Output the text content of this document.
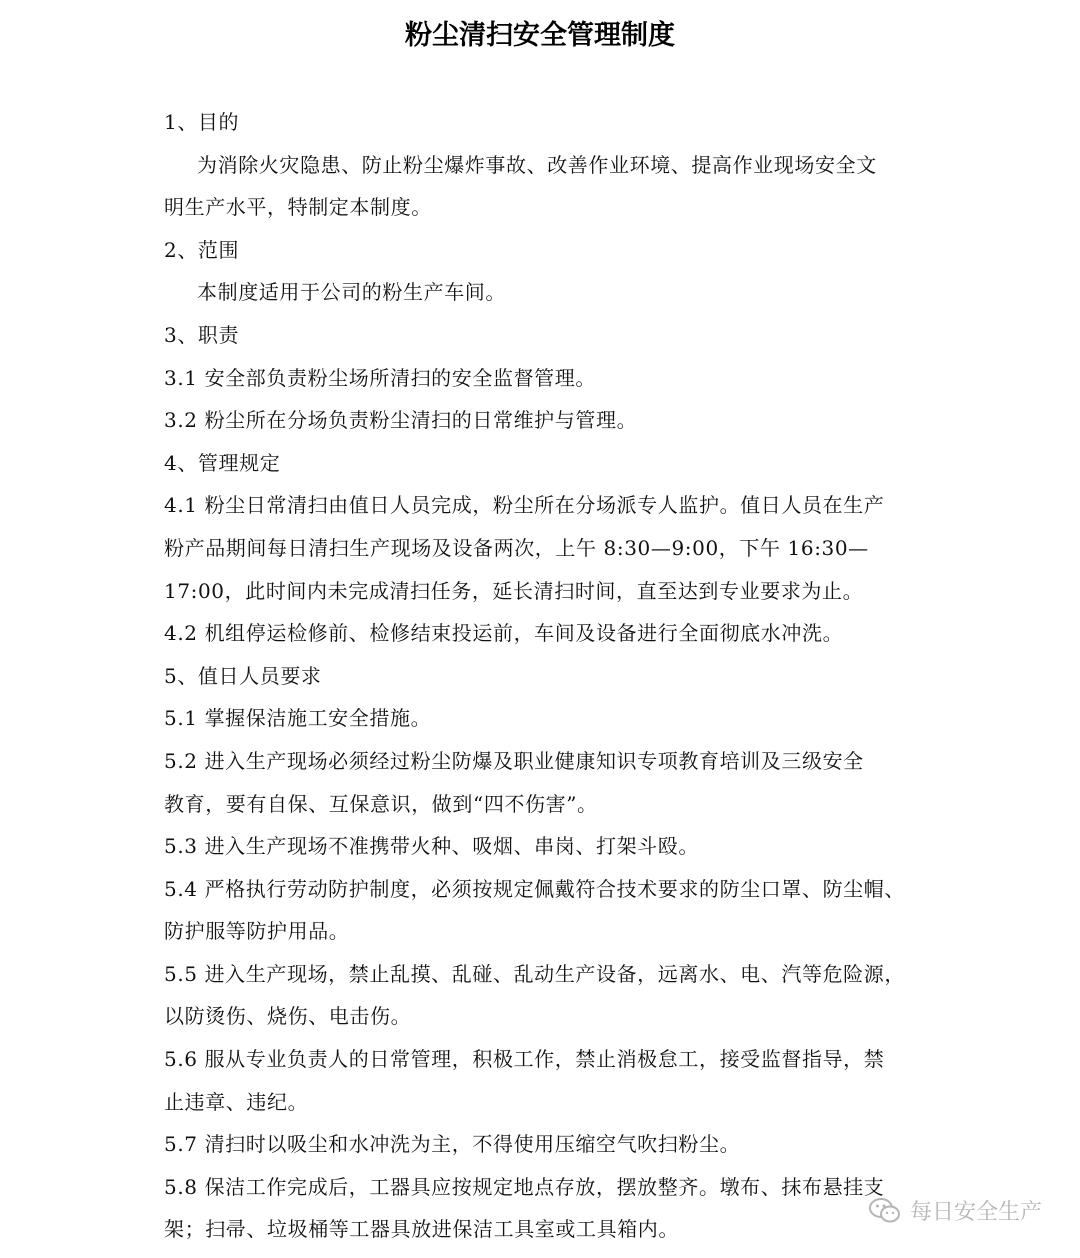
粉尘清扫安全管理制度

1、目的

为消除火灾隐患、防止粉尘爆炸事故、改善作业环境、提高作业现场安全文

明生产水平，特制定本制度。

2、范围

本制度适用于公司的粉生产车间。

3、职责

3.1 安全部负责粉尘场所清扫的安全监督管理。

3.2 粉尘所在分场负责粉尘清扫的日常维护与管理。

4、管理规定

4.1 粉尘日常清扫由值日人员完成，粉尘所在分场派专人监护。值日人员在生产

粉产品期间每日清扫生产现场及设备两次，上午 8:30—9:00，下午 16:30—

17:00，此时间内未完成清扫任务，延长清扫时间，直至达到专业要求为止。

4.2 机组停运检修前、检修结束投运前，车间及设备进行全面彻底水冲洗。

5、值日人员要求

5.1 掌握保洁施工安全措施。

5.2 进入生产现场必须经过粉尘防爆及职业健康知识专项教育培训及三级安全

教育，要有自保、互保意识，做到“四不伤害”。

5.3 进入生产现场不准携带火种、吸烟、串岗、打架斗殴。

5.4 严格执行劳动防护制度，必须按规定佩戴符合技术要求的防尘口罩、防尘帽、

防护服等防护用品。

5.5 进入生产现场，禁止乱摸、乱碰、乱动生产设备，远离水、电、汽等危险源，

以防烫伤、烧伤、电击伤。

5.6 服从专业负责人的日常管理，积极工作，禁止消极怠工，接受监督指导，禁

止违章、违纪。

5.7 清扫时以吸尘和水冲洗为主，不得使用压缩空气吹扫粉尘。

5.8 保洁工作完成后，工器具应按规定地点存放，摆放整齐。墩布、抹布悬挂支

架；扫帚、垃圾桶等工器具放进保洁工具室或工具箱内。

每日安全生产
